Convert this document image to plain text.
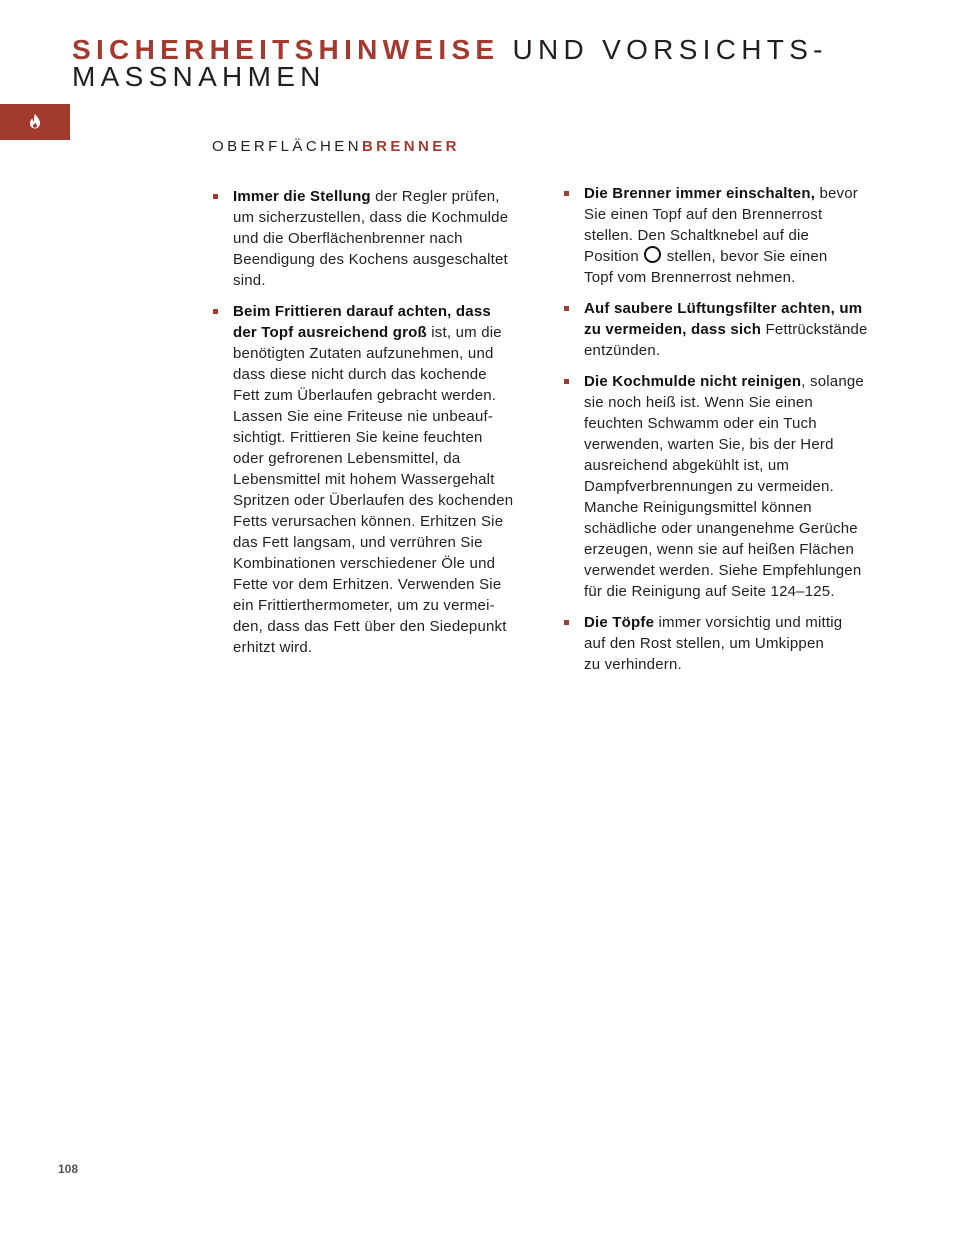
SICHERHEITSHINWEISE UND VORSICHTS-
MASSNAHMEN
OBERFLÄCHENBRENNER
Immer die Stellung der Regler prüfen,
um sicherzustellen, dass die Kochmulde
und die Oberflächenbrenner nach
Beendigung des Kochens ausgeschaltet
sind.
Beim Frittieren darauf achten, dass
der Topf ausreichend groß ist, um die
benötigten Zutaten aufzunehmen, und
dass diese nicht durch das kochende
Fett zum Überlaufen gebracht werden.
Lassen Sie eine Friteuse nie unbeauf-
sichtigt. Frittieren Sie keine feuchten
oder gefrorenen Lebensmittel, da
Lebensmittel mit hohem Wassergehalt
Spritzen oder Überlaufen des kochenden
Fetts verursachen können. Erhitzen Sie
das Fett langsam, und verrühren Sie
Kombinationen verschiedener Öle und
Fette vor dem Erhitzen. Verwenden Sie
ein Frittierthermometer, um zu vermei-
den, dass das Fett über den Siedepunkt
erhitzt wird.
Die Brenner immer einschalten, bevor
Sie einen Topf auf den Brennerrost
stellen. Den Schaltknebel auf die
Position  stellen, bevor Sie einen
Topf vom Brennerrost nehmen.
Auf saubere Lüftungsfilter achten, um
zu vermeiden, dass sich Fettrückstände
entzünden.
Die Kochmulde nicht reinigen, solange
sie noch heiß ist. Wenn Sie einen
feuchten Schwamm oder ein Tuch
verwenden, warten Sie, bis der Herd
ausreichend abgekühlt ist, um
Dampfverbrennungen zu vermeiden.
Manche Reinigungsmittel können
schädliche oder unangenehme Gerüche
erzeugen, wenn sie auf heißen Flächen
verwendet werden. Siehe Empfehlungen
für die Reinigung auf Seite 124–125.
Die Töpfe immer vorsichtig und mittig
auf den Rost stellen, um Umkippen
zu verhindern.
108
